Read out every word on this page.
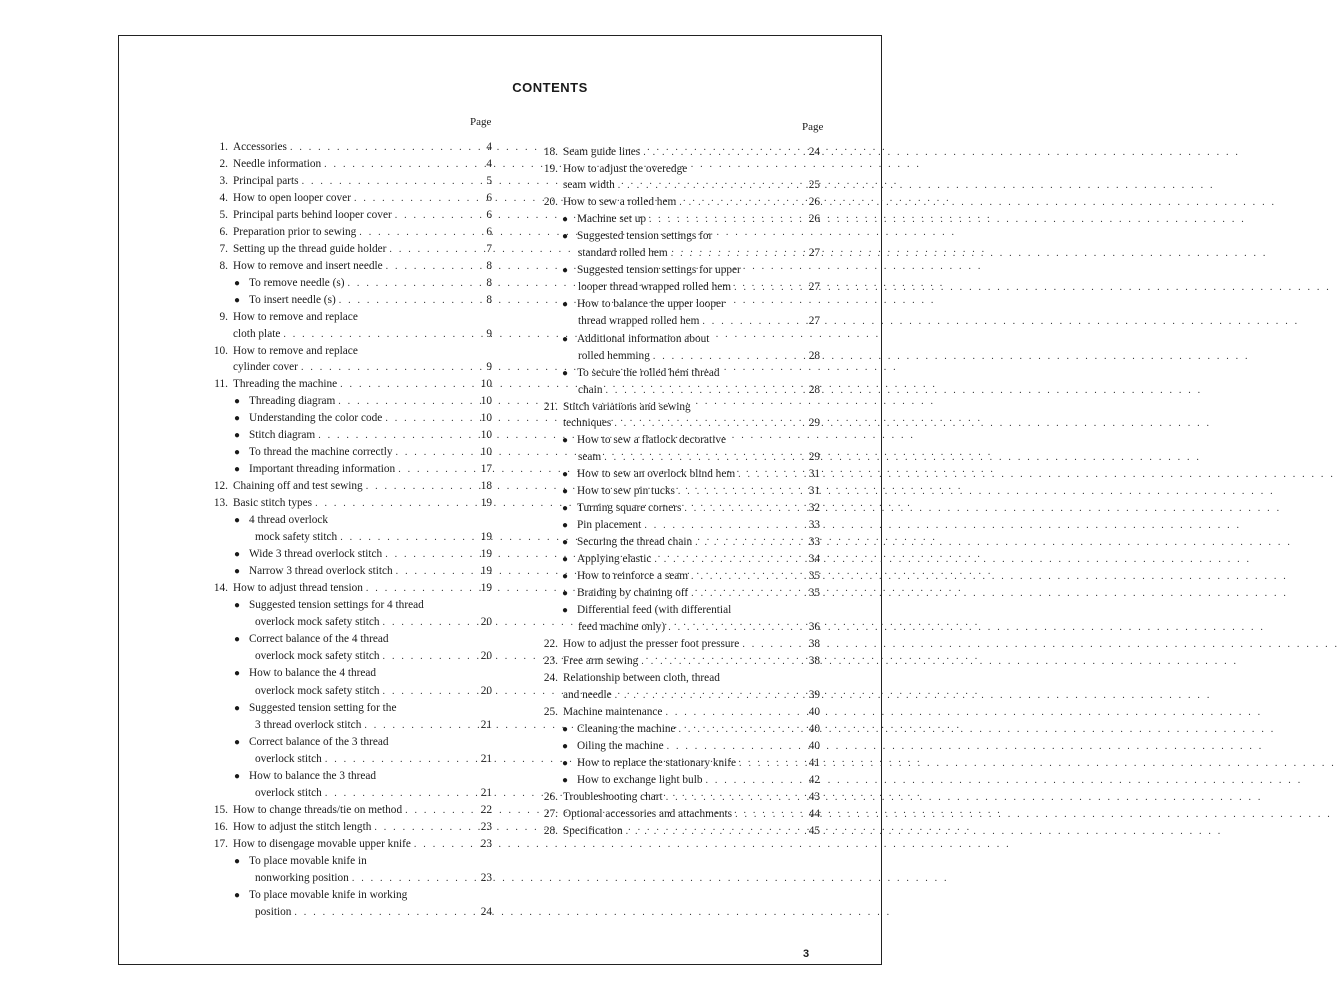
CONTENTS
Page	Page
1. Accessories . . .	4
2. Needle information . . .	4
3. Principal parts . . .	5
4. How to open looper cover . . .	6
5. Principal parts behind looper cover . . .	6
6. Preparation prior to sewing . . .	6
7. Setting up the thread guide holder . . .	7
8. How to remove and insert needle . . .	8
● To remove needle (s) . . .	8
● To insert needle (s) . . .	8
9. How to remove and replace
cloth plate . . .	9
10. How to remove and replace
cylinder cover . . .	9
11. Threading the machine . . .	10
● Threading diagram . . .	10
● Understanding the color code . . .	10
● Stitch diagram . . .	10
● To thread the machine correctly . . .	10
● Important threading information . . .	17
12. Chaining off and test sewing . . .	18
13. Basic stitch types . . .	19
● 4 thread overlock
mock safety stitch . . .	19
● Wide 3 thread overlock stitch . . .	19
● Narrow 3 thread overlock stitch . . .	19
14. How to adjust thread tension . . .	19
● Suggested tension settings for 4 thread
overlock mock safety stitch . . .	20
● Correct balance of the 4 thread
overlock mock safety stitch . . .	20
● How to balance the 4 thread
overlock mock safety stitch . . .	20
● Suggested tension setting for the
3 thread overlock stitch . . .	21
● Correct balance of the 3 thread
overlock stitch . . .	21
● How to balance the 3 thread
overlock stitch . . .	21
15. How to change threads/tie on method . . .	22
16. How to adjust the stitch length . . .	23
17. How to disengage movable upper knife . . .	23
● To place movable knife in
nonworking position . . .	23
● To place movable knife in working
position . . .	24
18. Seam guide lines . . .	24
19. How to adjust the overedge
seam width . . .	25
20. How to sew a rolled hem . . .	26
● Machine set up . . .	26
● Suggested tension settings for
standard rolled hem . . .	27
● Suggested tension settings for upper
looper thread wrapped rolled hem . . .	27
● How to balance the upper looper
thread wrapped rolled hem . . .	27
● Additional information about
rolled hemming . . .	28
● To secure the rolled hem thread
chain . . .	28
21. Stitch variations and sewing
techniques . . .	29
● How to sew a flatlock decorative
seam . . .	29
● How to sew an overlock blind hem . . .	31
● How to sew pin tucks . . .	31
● Turning square corners . . .	32
● Pin placement . . .	33
● Securing the thread chain . . .	33
● Applying elastic . . .	34
● How to reinforce a seam . . .	35
● Braiding by chaining off . . .	35
● Differential feed (with differential
feed machine only) . . .	36
22. How to adjust the presser foot pressure . . .	38
23. Free arm sewing . . .	38
24. Relationship between cloth, thread
and needle . . .	39
25. Machine maintenance . . .	40
● Cleaning the machine . . .	40
● Oiling the machine . . .	40
● How to replace the stationary knife . . .	41
● How to exchange light bulb . . .	42
26. Troubleshooting chart . . .	43
27. Optional accessories and attachments . . .	44
28. Specification . . .	45
3
